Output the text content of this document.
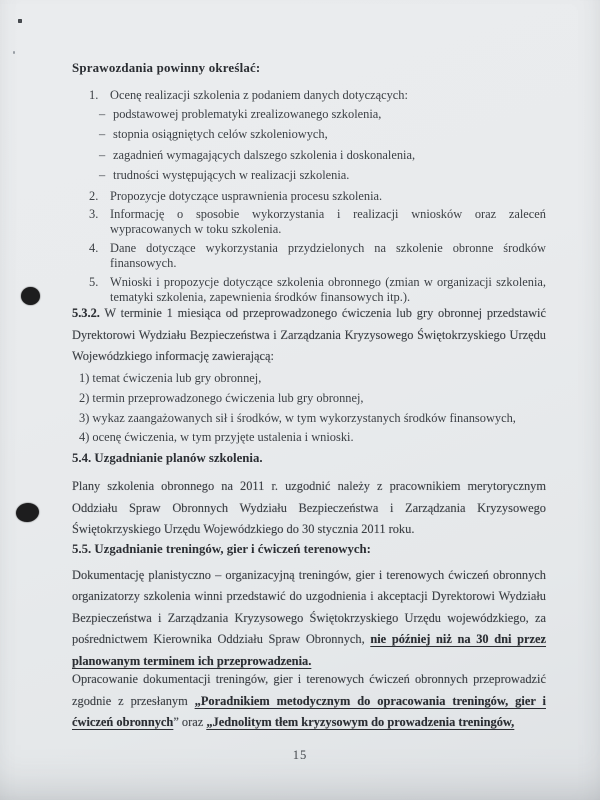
Sprawozdania powinny określać:
1. Ocenę realizacji szkolenia z podaniem danych dotyczących:
– podstawowej problematyki zrealizowanego szkolenia,
– stopnia osiągniętych celów szkoleniowych,
– zagadnień wymagających dalszego szkolenia i doskonalenia,
– trudności występujących w realizacji szkolenia.
2. Propozycje dotyczące usprawnienia procesu szkolenia.
3. Informację o sposobie wykorzystania i realizacji wniosków oraz zaleceń wypracowanych w toku szkolenia.
4. Dane dotyczące wykorzystania przydzielonych na szkolenie obronne środków finansowych.
5. Wnioski i propozycje dotyczące szkolenia obronnego (zmian w organizacji szkolenia, tematyki szkolenia, zapewnienia środków finansowych itp.).

5.3.2. W terminie 1 miesiąca od przeprowadzonego ćwiczenia lub gry obronnej przedstawić Dyrektorowi Wydziału Bezpieczeństwa i Zarządzania Kryzysowego Świętokrzyskiego Urzędu Wojewódzkiego informację zawierającą:

1) temat ćwiczenia lub gry obronnej,
2) termin przeprowadzonego ćwiczenia lub gry obronnej,
3) wykaz zaangażowanych sił i środków, w tym wykorzystanych środków finansowych,
4) ocenę ćwiczenia, w tym przyjęte ustalenia i wnioski.
5.4. Uzgadnianie planów szkolenia.

Plany szkolenia obronnego na 2011 r. uzgodnić należy z pracownikiem merytorycznym Oddziału Spraw Obronnych Wydziału Bezpieczeństwa i Zarządzania Kryzysowego Świętokrzyskiego Urzędu Wojewódzkiego do 30 stycznia 2011 roku.

5.5. Uzgadnianie treningów, gier i ćwiczeń terenowych:

Dokumentację planistyczno – organizacyjną treningów, gier i terenowych ćwiczeń obronnych organizatorzy szkolenia winni przedstawić do uzgodnienia i akceptacji Dyrektorowi Wydziału Bezpieczeństwa i Zarządzania Kryzysowego Świętokrzyskiego Urzędu wojewódzkiego, za pośrednictwem Kierownika Oddziału Spraw Obronnych, nie później niż na 30 dni przez planowanym terminem ich przeprowadzenia.

Opracowanie dokumentacji treningów, gier i terenowych ćwiczeń obronnych przeprowadzić zgodnie z przesłanym „Poradnikiem metodycznym do opracowania treningów, gier i ćwiczeń obronnych” oraz „Jednolitym tłem kryzysowym do prowadzenia treningów,

15
